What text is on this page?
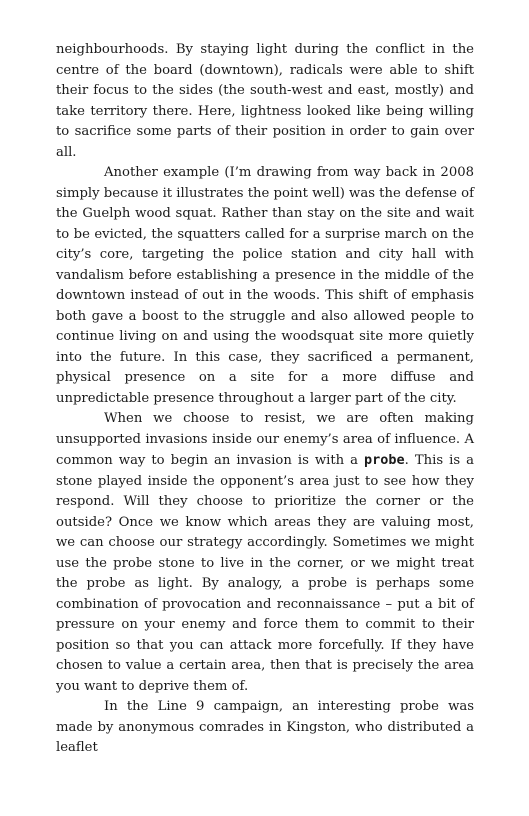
neighbourhoods. By staying light during the conflict in the centre of the board (downtown), radicals were able to shift their focus to the sides (the south-west and east, mostly) and take territory there. Here, lightness looked like being willing to sacrifice some parts of their position in order to gain over all.

Another example (I’m drawing from way back in 2008 simply because it illustrates the point well) was the defense of the Guelph wood squat. Rather than stay on the site and wait to be evicted, the squatters called for a surprise march on the city’s core, targeting the police station and city hall with vandalism before establishing a presence in the middle of the downtown instead of out in the woods. This shift of emphasis both gave a boost to the struggle and also allowed people to continue living on and using the woodsquat site more quietly into the future. In this case, they sacrificed a permanent, physical presence on a site for a more diffuse and unpredictable presence throughout a larger part of the city.

When we choose to resist, we are often making unsupported invasions inside our enemy’s area of influence. A common way to begin an invasion is with a probe. This is a stone played inside the opponent’s area just to see how they respond. Will they choose to prioritize the corner or the outside? Once we know which areas they are valuing most, we can choose our strategy accordingly. Sometimes we might use the probe stone to live in the corner, or we might treat the probe as light. By analogy, a probe is perhaps some combination of provocation and reconnaissance – put a bit of pressure on your enemy and force them to commit to their position so that you can attack more forcefully. If they have chosen to value a certain area, then that is precisely the area you want to deprive them of.

In the Line 9 campaign, an interesting probe was made by anonymous comrades in Kingston, who distributed a leaflet
